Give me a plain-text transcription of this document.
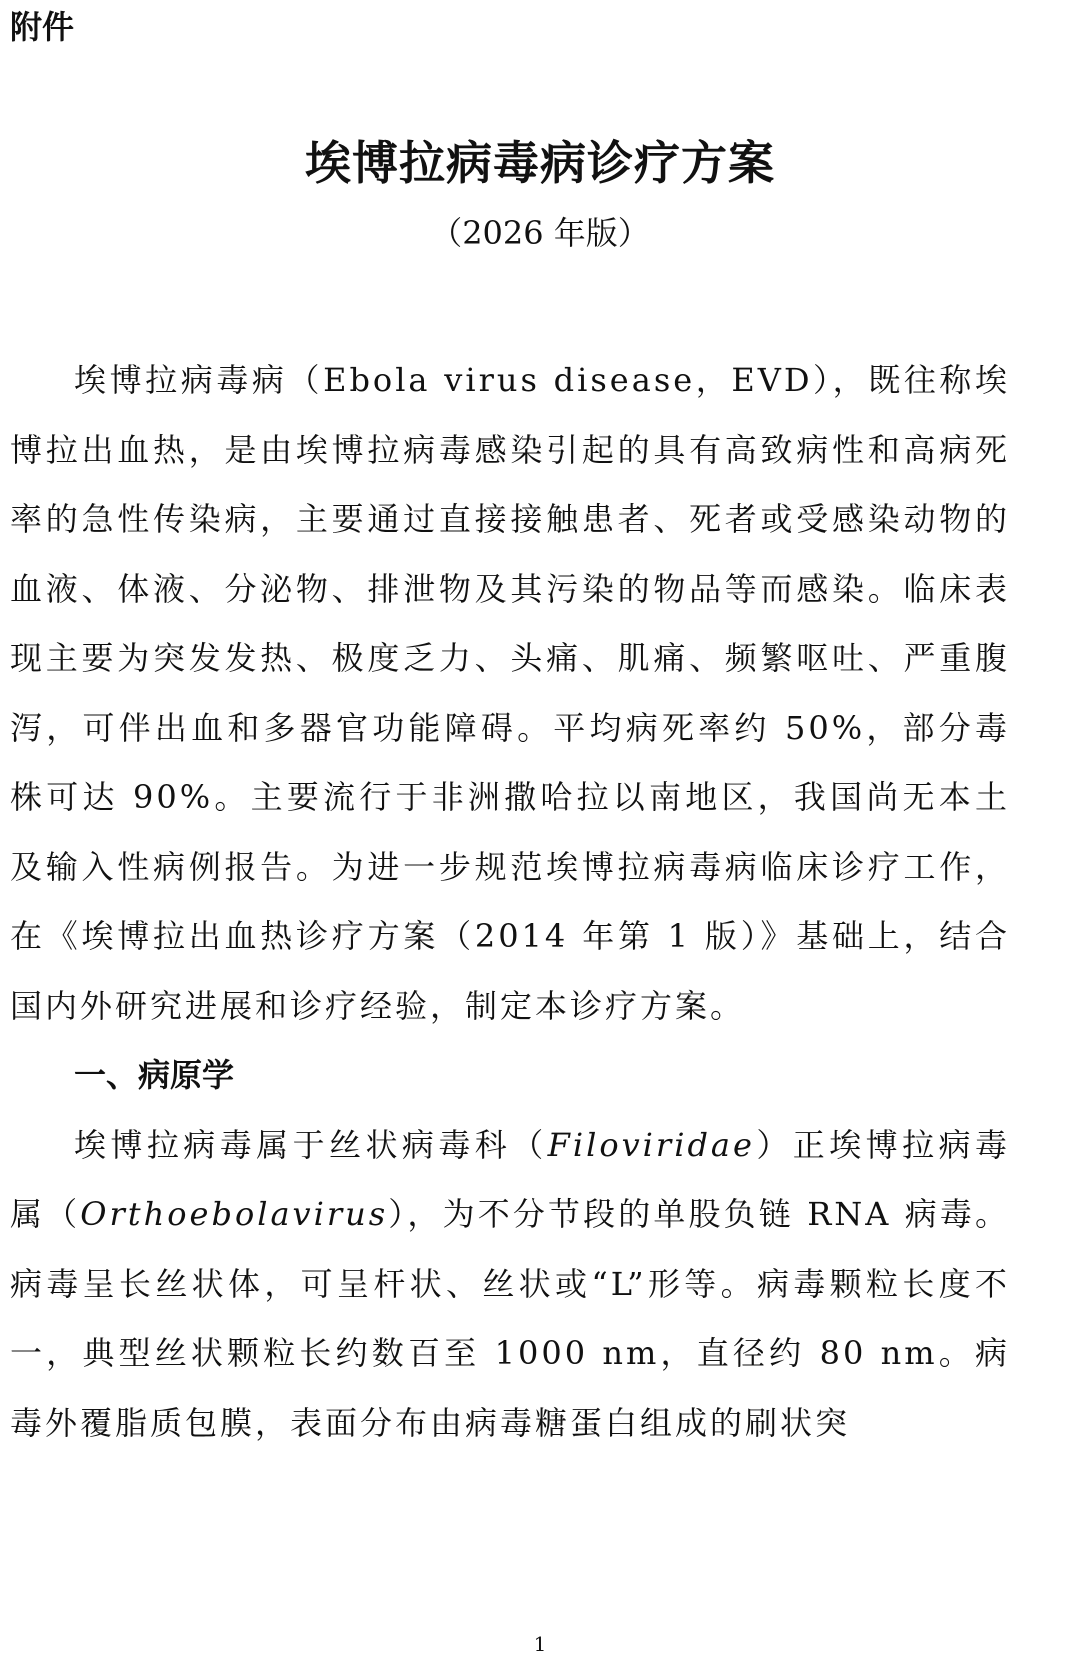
附件
埃博拉病毒病诊疗方案
（2026 年版）

埃博拉病毒病（Ebola virus disease，EVD），既往称埃博拉出血热，是由埃博拉病毒感染引起的具有高致病性和高病死率的急性传染病，主要通过直接接触患者、死者或受感染动物的血液、体液、分泌物、排泄物及其污染的物品等而感染。临床表现主要为突发发热、极度乏力、头痛、肌痛、频繁呕吐、严重腹泻，可伴出血和多器官功能障碍。平均病死率约 50%，部分毒株可达 90%。主要流行于非洲撒哈拉以南地区，我国尚无本土及输入性病例报告。为进一步规范埃博拉病毒病临床诊疗工作，在《埃博拉出血热诊疗方案（2014 年第 1 版）》基础上，结合国内外研究进展和诊疗经验，制定本诊疗方案。

一、病原学

埃博拉病毒属于丝状病毒科（Filoviridae）正埃博拉病毒属（Orthoebolavirus），为不分节段的单股负链 RNA 病毒。病毒呈长丝状体，可呈杆状、丝状或“L”形等。病毒颗粒长度不一，典型丝状颗粒长约数百至 1000 nm，直径约 80 nm。病毒外覆脂质包膜，表面分布由病毒糖蛋白组成的刷状突

1
